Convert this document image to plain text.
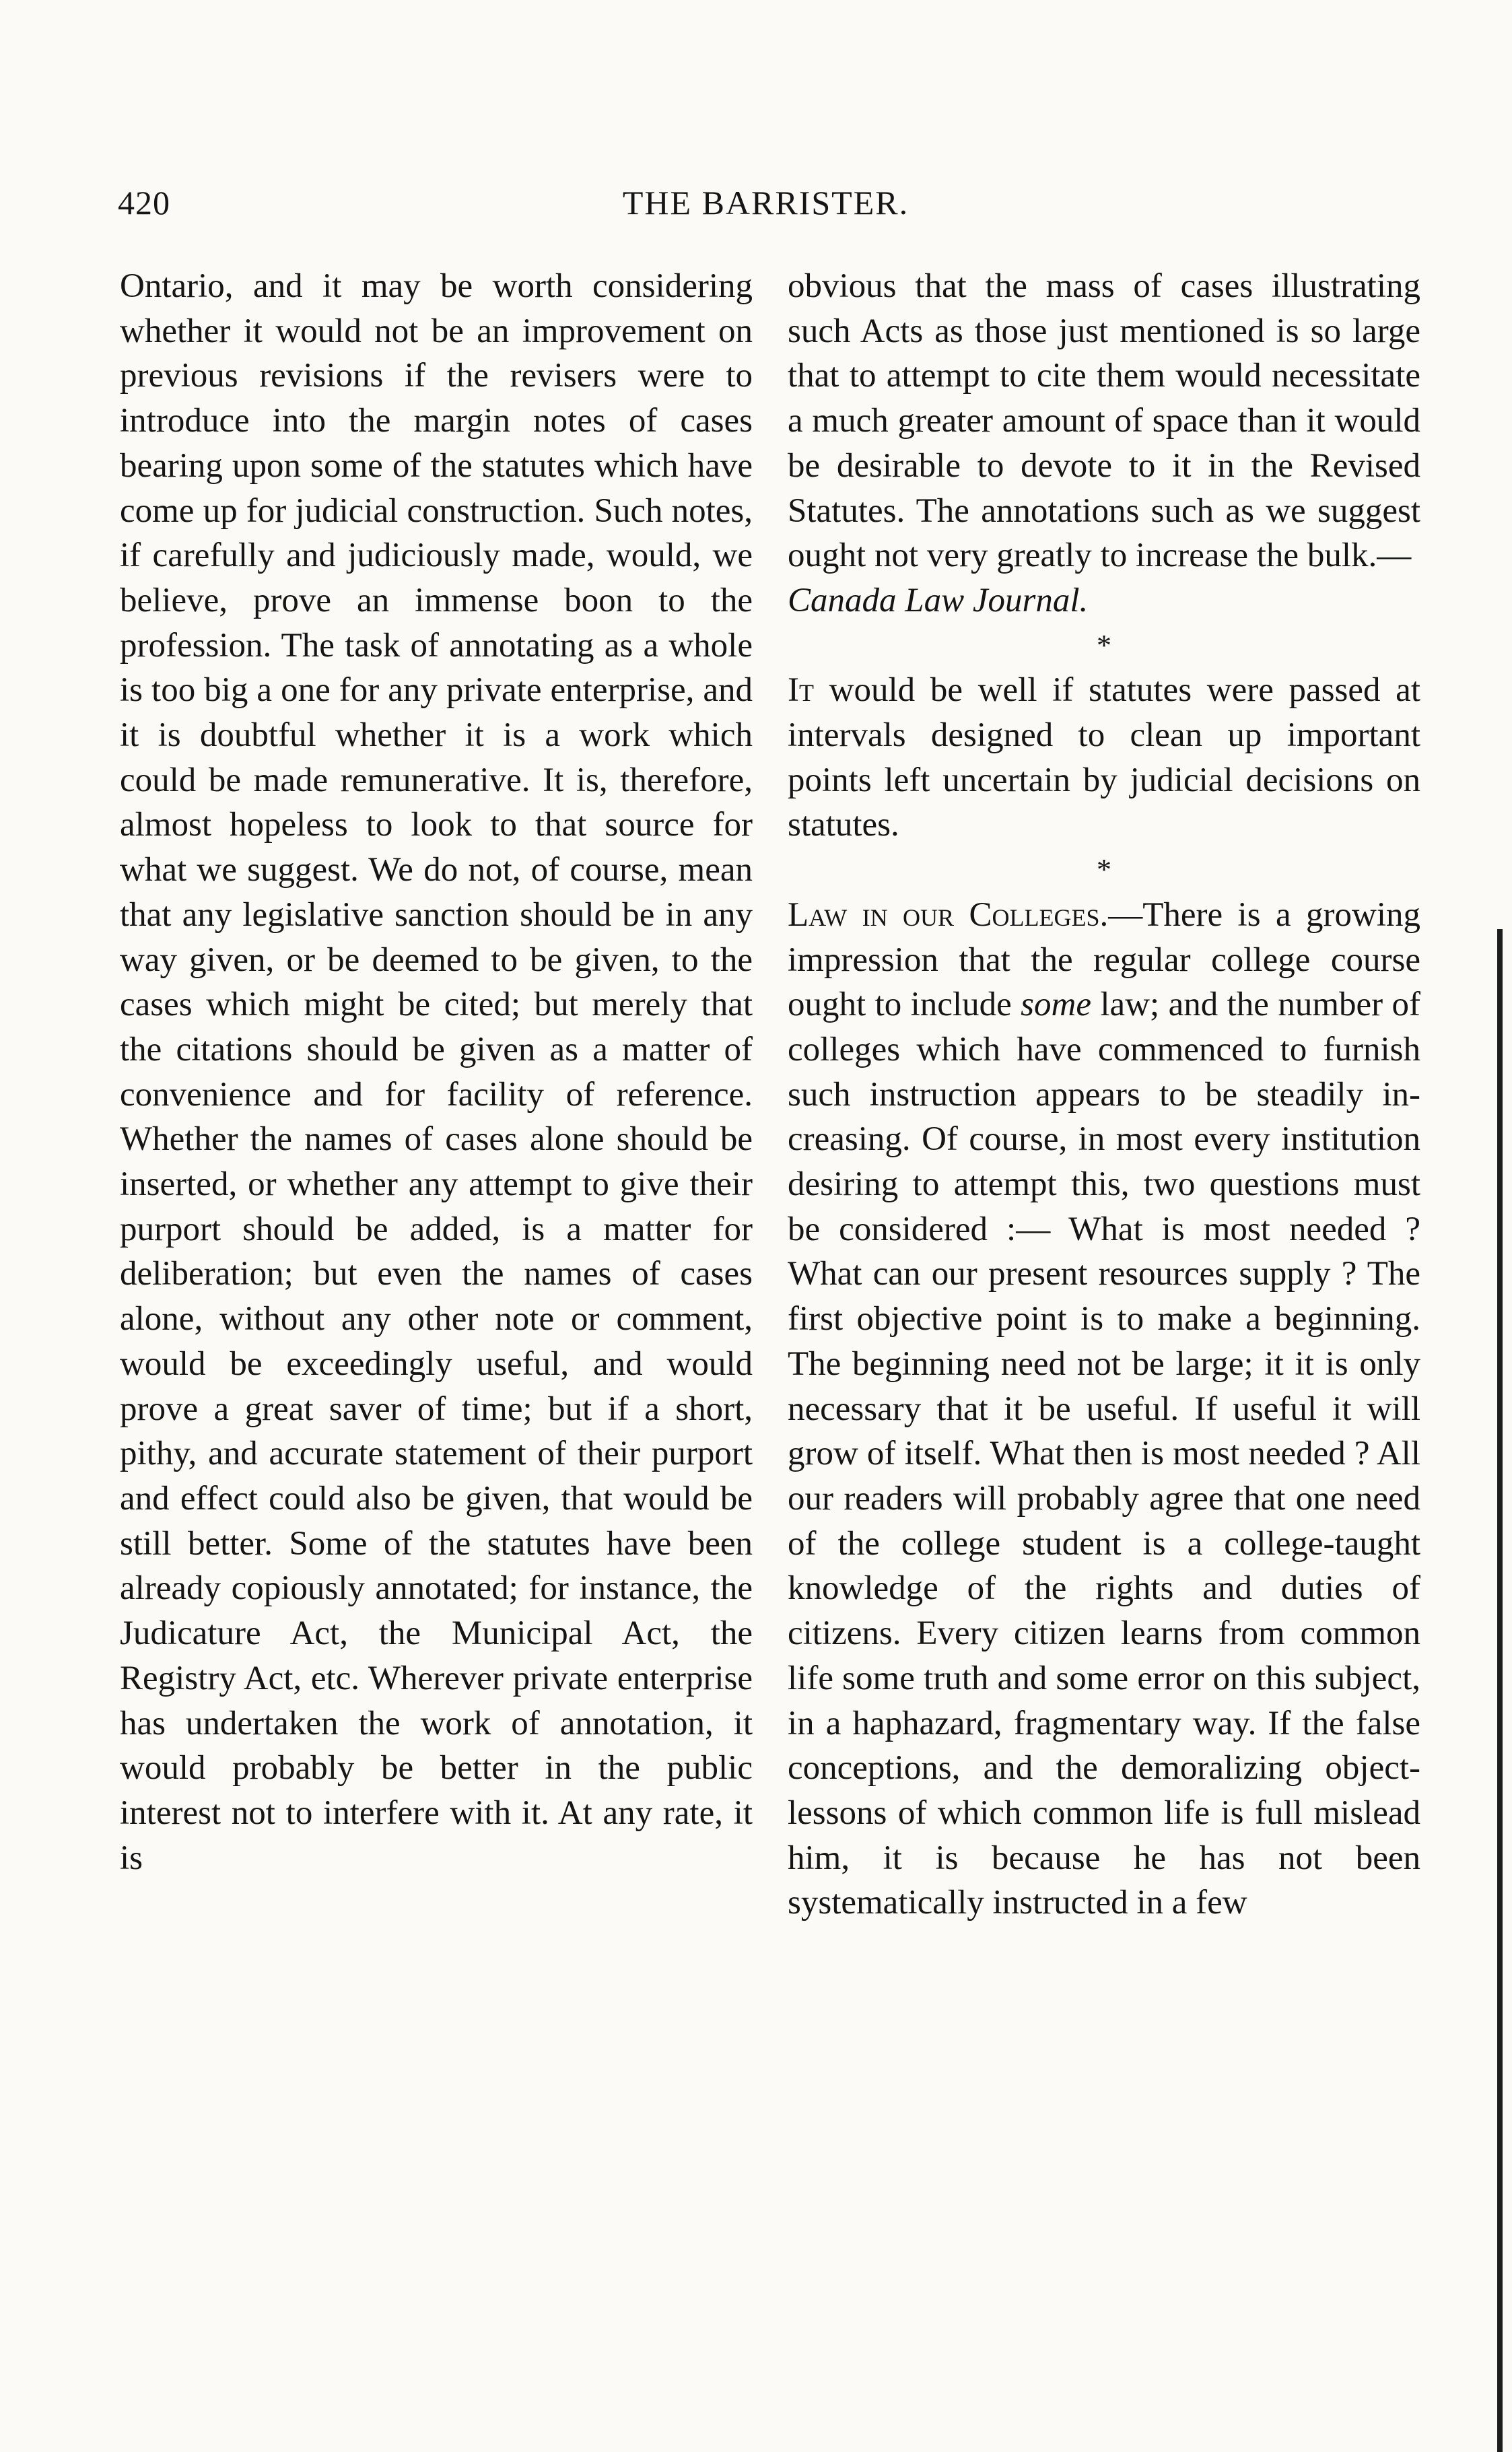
420	THE BARRISTER.

Ontario, and it may be worth considering whether it would not be an improvement on previous revisions if the revisers were to introduce into the margin notes of cases bearing upon some of the statutes which have come up for judicial construction. Such notes, if carefully and judiciously made, would, we believe, prove an immense boon to the profession. The task of annotating as a whole is too big a one for any private enterprise, and it is doubtful whether it is a work which could be made remunerative. It is, therefore, almost hopeless to look to that source for what we suggest. We do not, of course, mean that any legislative sanction should be in any way given, or be deemed to be given, to the cases which might be cited; but merely that the citations should be given as a matter of convenience and for facility of reference. Whether the names of cases alone should be inserted, or whether any attempt to give their purport should be added, is a matter for deliberation; but even the names of cases alone, without any other note or comment, would be exceedingly useful, and would prove a great saver of time; but if a short, pithy, and accurate statement of their purport and effect could also be given, that would be still better. Some of the statutes have been already copiously annotated; for instance, the Judicature Act, the Municipal Act, the Registry Act, etc. Wherever private enterprise has undertaken the work of annotation, it would probably be better in the public interest not to interfere with it. At any rate, it is

obvious that the mass of cases illustrating such Acts as those just mentioned is so large that to attempt to cite them would necessitate a much greater amount of space than it would be desirable to devote to it in the Revised Statutes. The annotations such as we suggest ought not very greatly to increase the bulk.—
Canada Law Journal.

*

It would be well if statutes were passed at intervals designed to clean up important points left uncertain by judicial decisions on statutes.

*

Law in our Colleges.—There is a growing impression that the regular college course ought to include some law; and the number of colleges which have commenced to furnish such instruction appears to be steadily increasing. Of course, in most every institution desiring to attempt this, two questions must be considered :— What is most needed ? What can our present resources supply ? The first objective point is to make a beginning. The beginning need not be large; it it is only necessary that it be useful. If useful it will grow of itself. What then is most needed ? All our readers will probably agree that one need of the college student is a college-taught knowledge of the rights and duties of citizens. Every citizen learns from common life some truth and some error on this subject, in a haphazard, fragmentary way. If the false conceptions, and the demoralizing object-lessons of which common life is full mislead him, it is because he has not been systematically instructed in a few
